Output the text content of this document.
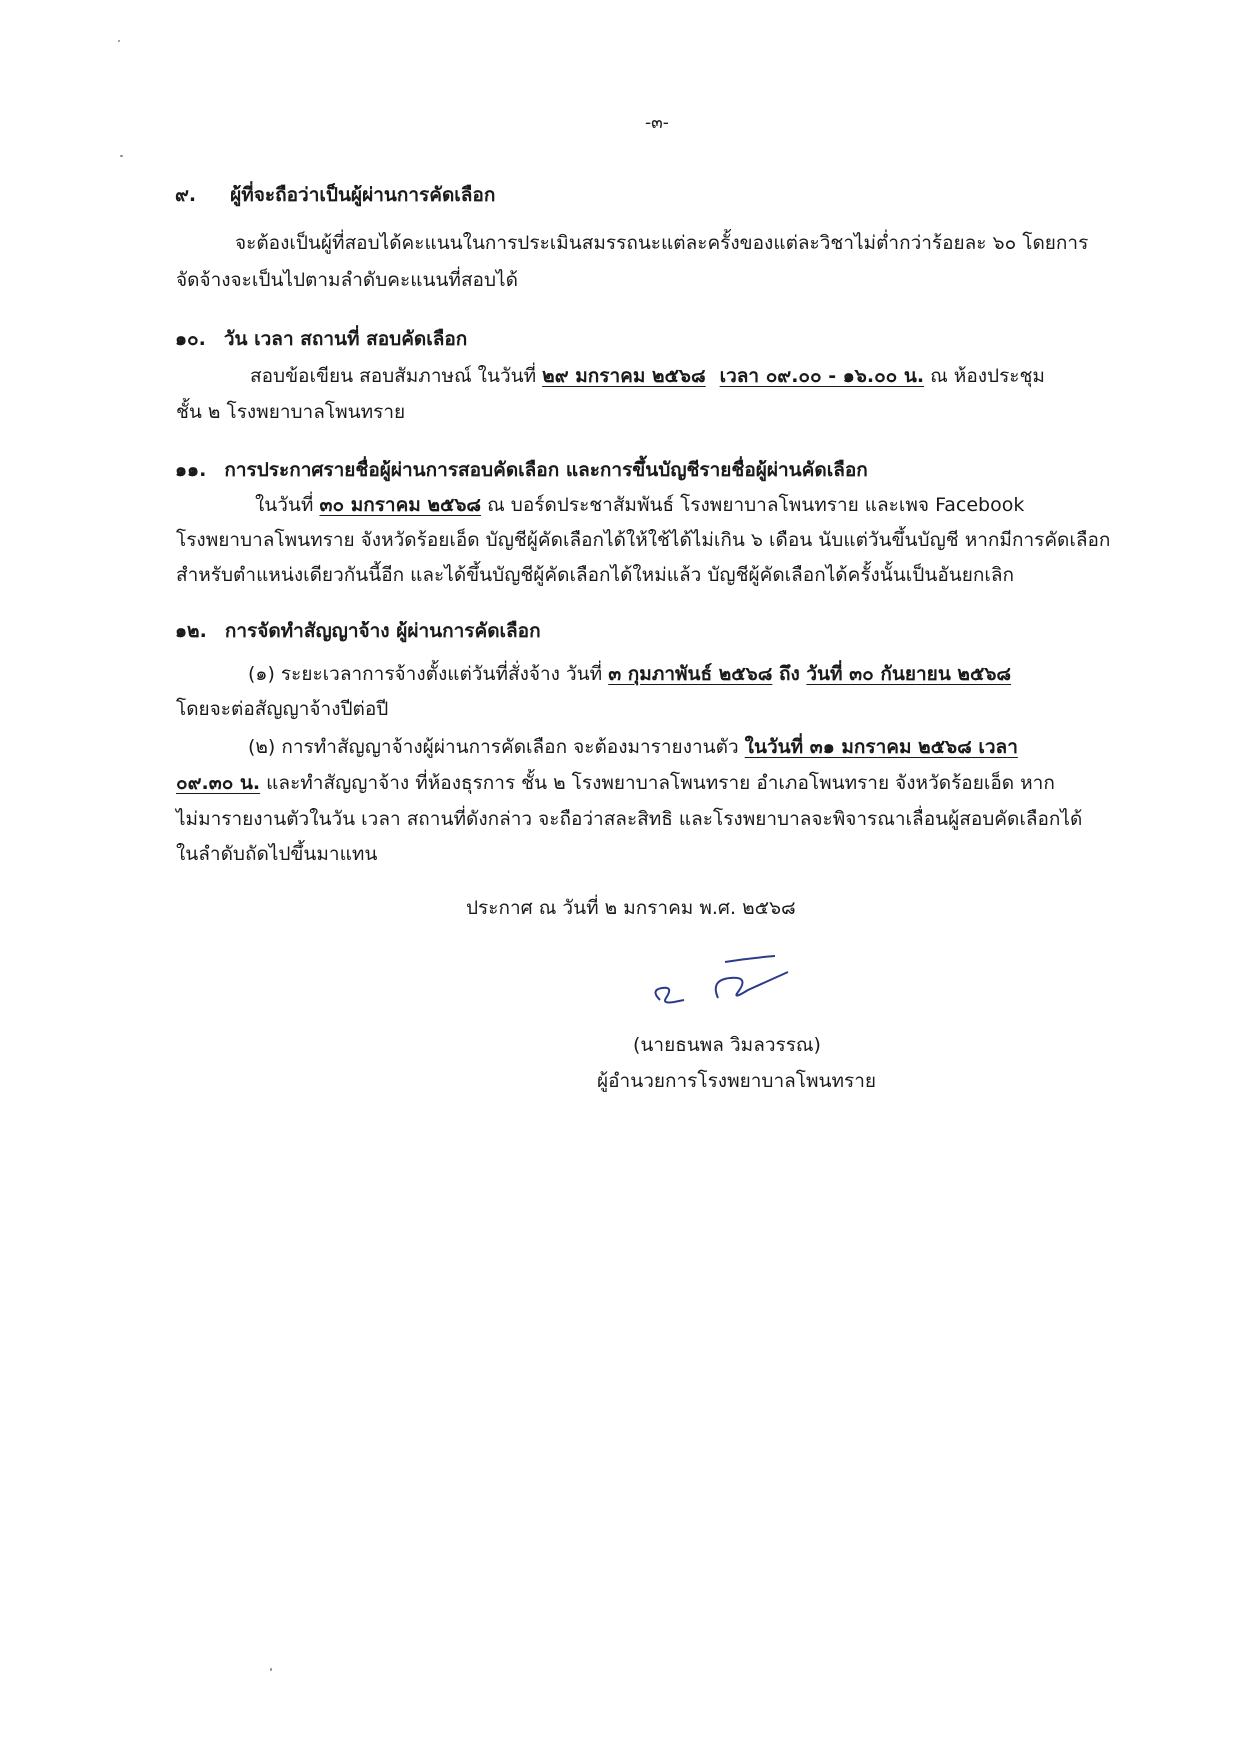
-๓-
๙. ผู้ที่จะถือว่าเป็นผู้ผ่านการคัดเลือก
จะต้องเป็นผู้ที่สอบได้คะแนนในการประเมินสมรรถนะแต่ละครั้งของแต่ละวิชาไม่ต่ำกว่าร้อยละ ๖๐ โดยการ
จัดจ้างจะเป็นไปตามลำดับคะแนนที่สอบได้
๑๐. วัน เวลา สถานที่ สอบคัดเลือก
สอบข้อเขียน สอบสัมภาษณ์ ในวันที่ ๒๙ มกราคม ๒๕๖๘ เวลา ๐๙.๐๐ - ๑๖.๐๐ น. ณ ห้องประชุม
ชั้น ๒ โรงพยาบาลโพนทราย
๑๑. การประกาศรายชื่อผู้ผ่านการสอบคัดเลือก และการขึ้นบัญชีรายชื่อผู้ผ่านคัดเลือก
ในวันที่ ๓๐ มกราคม ๒๕๖๘ ณ บอร์ดประชาสัมพันธ์ โรงพยาบาลโพนทราย และเพจ Facebook
โรงพยาบาลโพนทราย จังหวัดร้อยเอ็ด บัญชีผู้คัดเลือกได้ให้ใช้ได้ไม่เกิน ๖ เดือน นับแต่วันขึ้นบัญชี หากมีการคัดเลือก
สำหรับตำแหน่งเดียวกันนี้อีก และได้ขึ้นบัญชีผู้คัดเลือกได้ใหม่แล้ว บัญชีผู้คัดเลือกได้ครั้งนั้นเป็นอันยกเลิก
๑๒. การจัดทำสัญญาจ้าง ผู้ผ่านการคัดเลือก
(๑) ระยะเวลาการจ้างตั้งแต่วันที่สั่งจ้าง วันที่ ๓ กุมภาพันธ์ ๒๕๖๘ ถึง วันที่ ๓๐ กันยายน ๒๕๖๘
โดยจะต่อสัญญาจ้างปีต่อปี
(๒) การทำสัญญาจ้างผู้ผ่านการคัดเลือก จะต้องมารายงานตัว ในวันที่ ๓๑ มกราคม ๒๕๖๘ เวลา
๐๙.๓๐ น. และทำสัญญาจ้าง ที่ห้องธุรการ ชั้น ๒ โรงพยาบาลโพนทราย อำเภอโพนทราย จังหวัดร้อยเอ็ด หาก
ไม่มารายงานตัวในวัน เวลา สถานที่ดังกล่าว จะถือว่าสละสิทธิ และโรงพยาบาลจะพิจารณาเลื่อนผู้สอบคัดเลือกได้
ในลำดับถัดไปขึ้นมาแทน
ประกาศ ณ วันที่ ๒ มกราคม พ.ศ. ๒๕๖๘
(นายธนพล วิมลวรรณ)
ผู้อำนวยการโรงพยาบาลโพนทราย
